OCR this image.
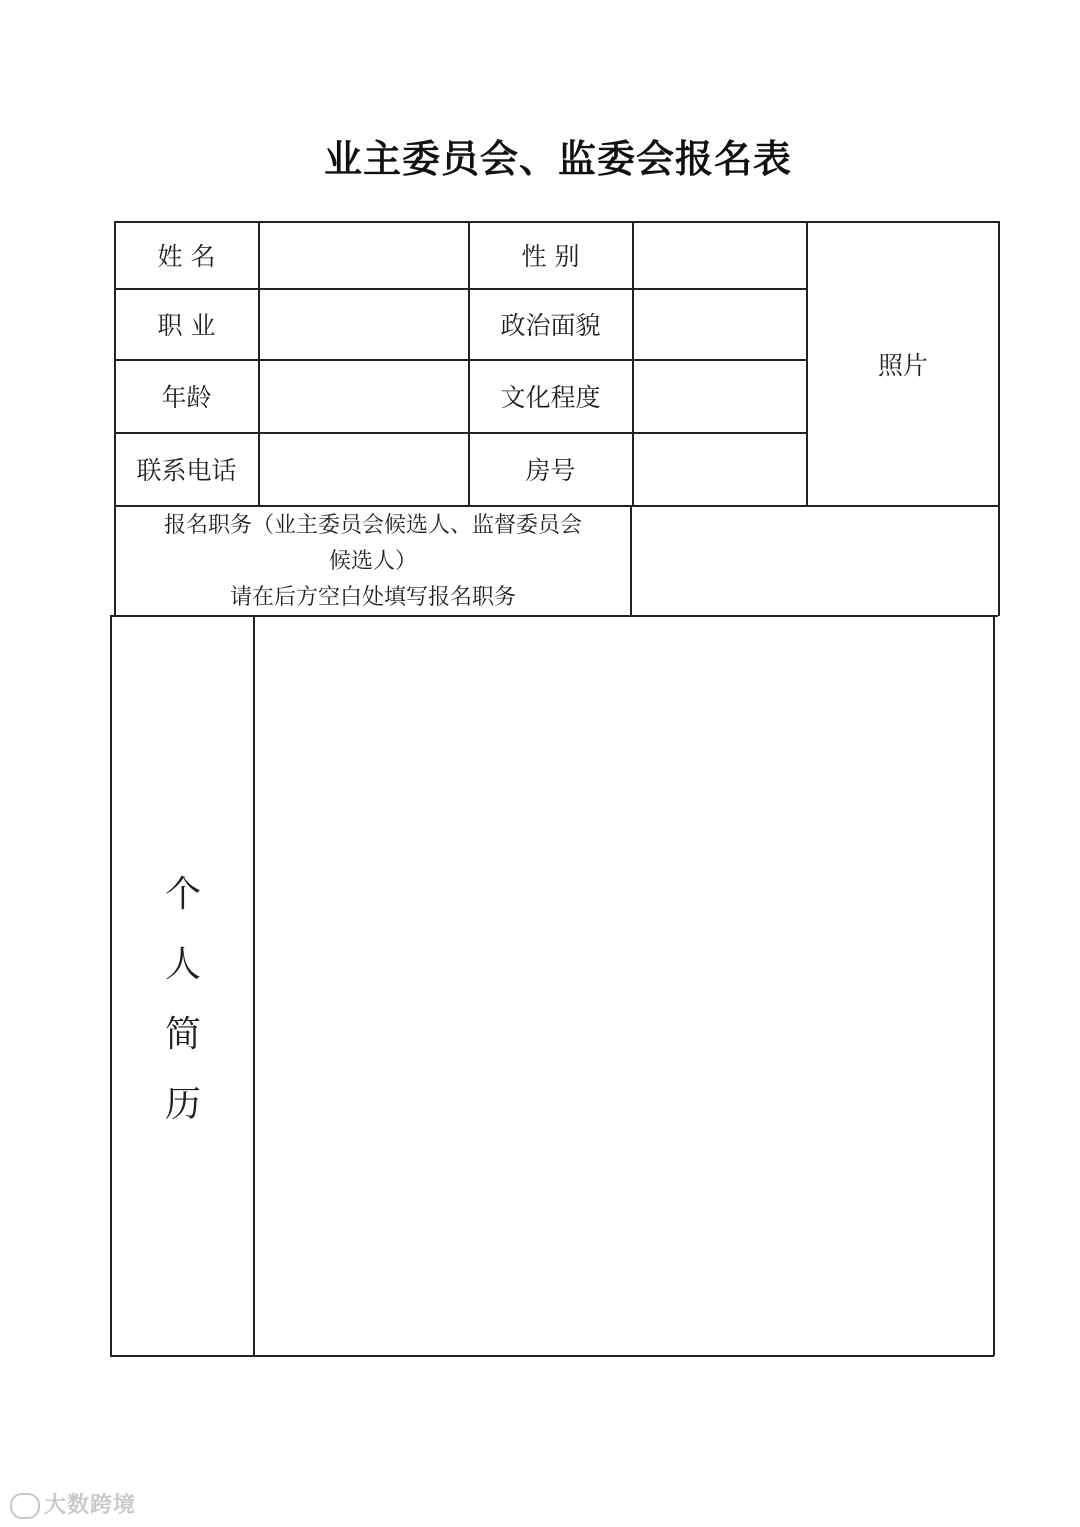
业主委员会、监委会报名表
姓 名	性 别
职 业	政治面貌
年龄	文化程度
联系电话	房号
照片
报名职务（业主委员会候选人、监督委员会
候选人）
请在后方空白处填写报名职务
个
人
简
历
大数跨境
